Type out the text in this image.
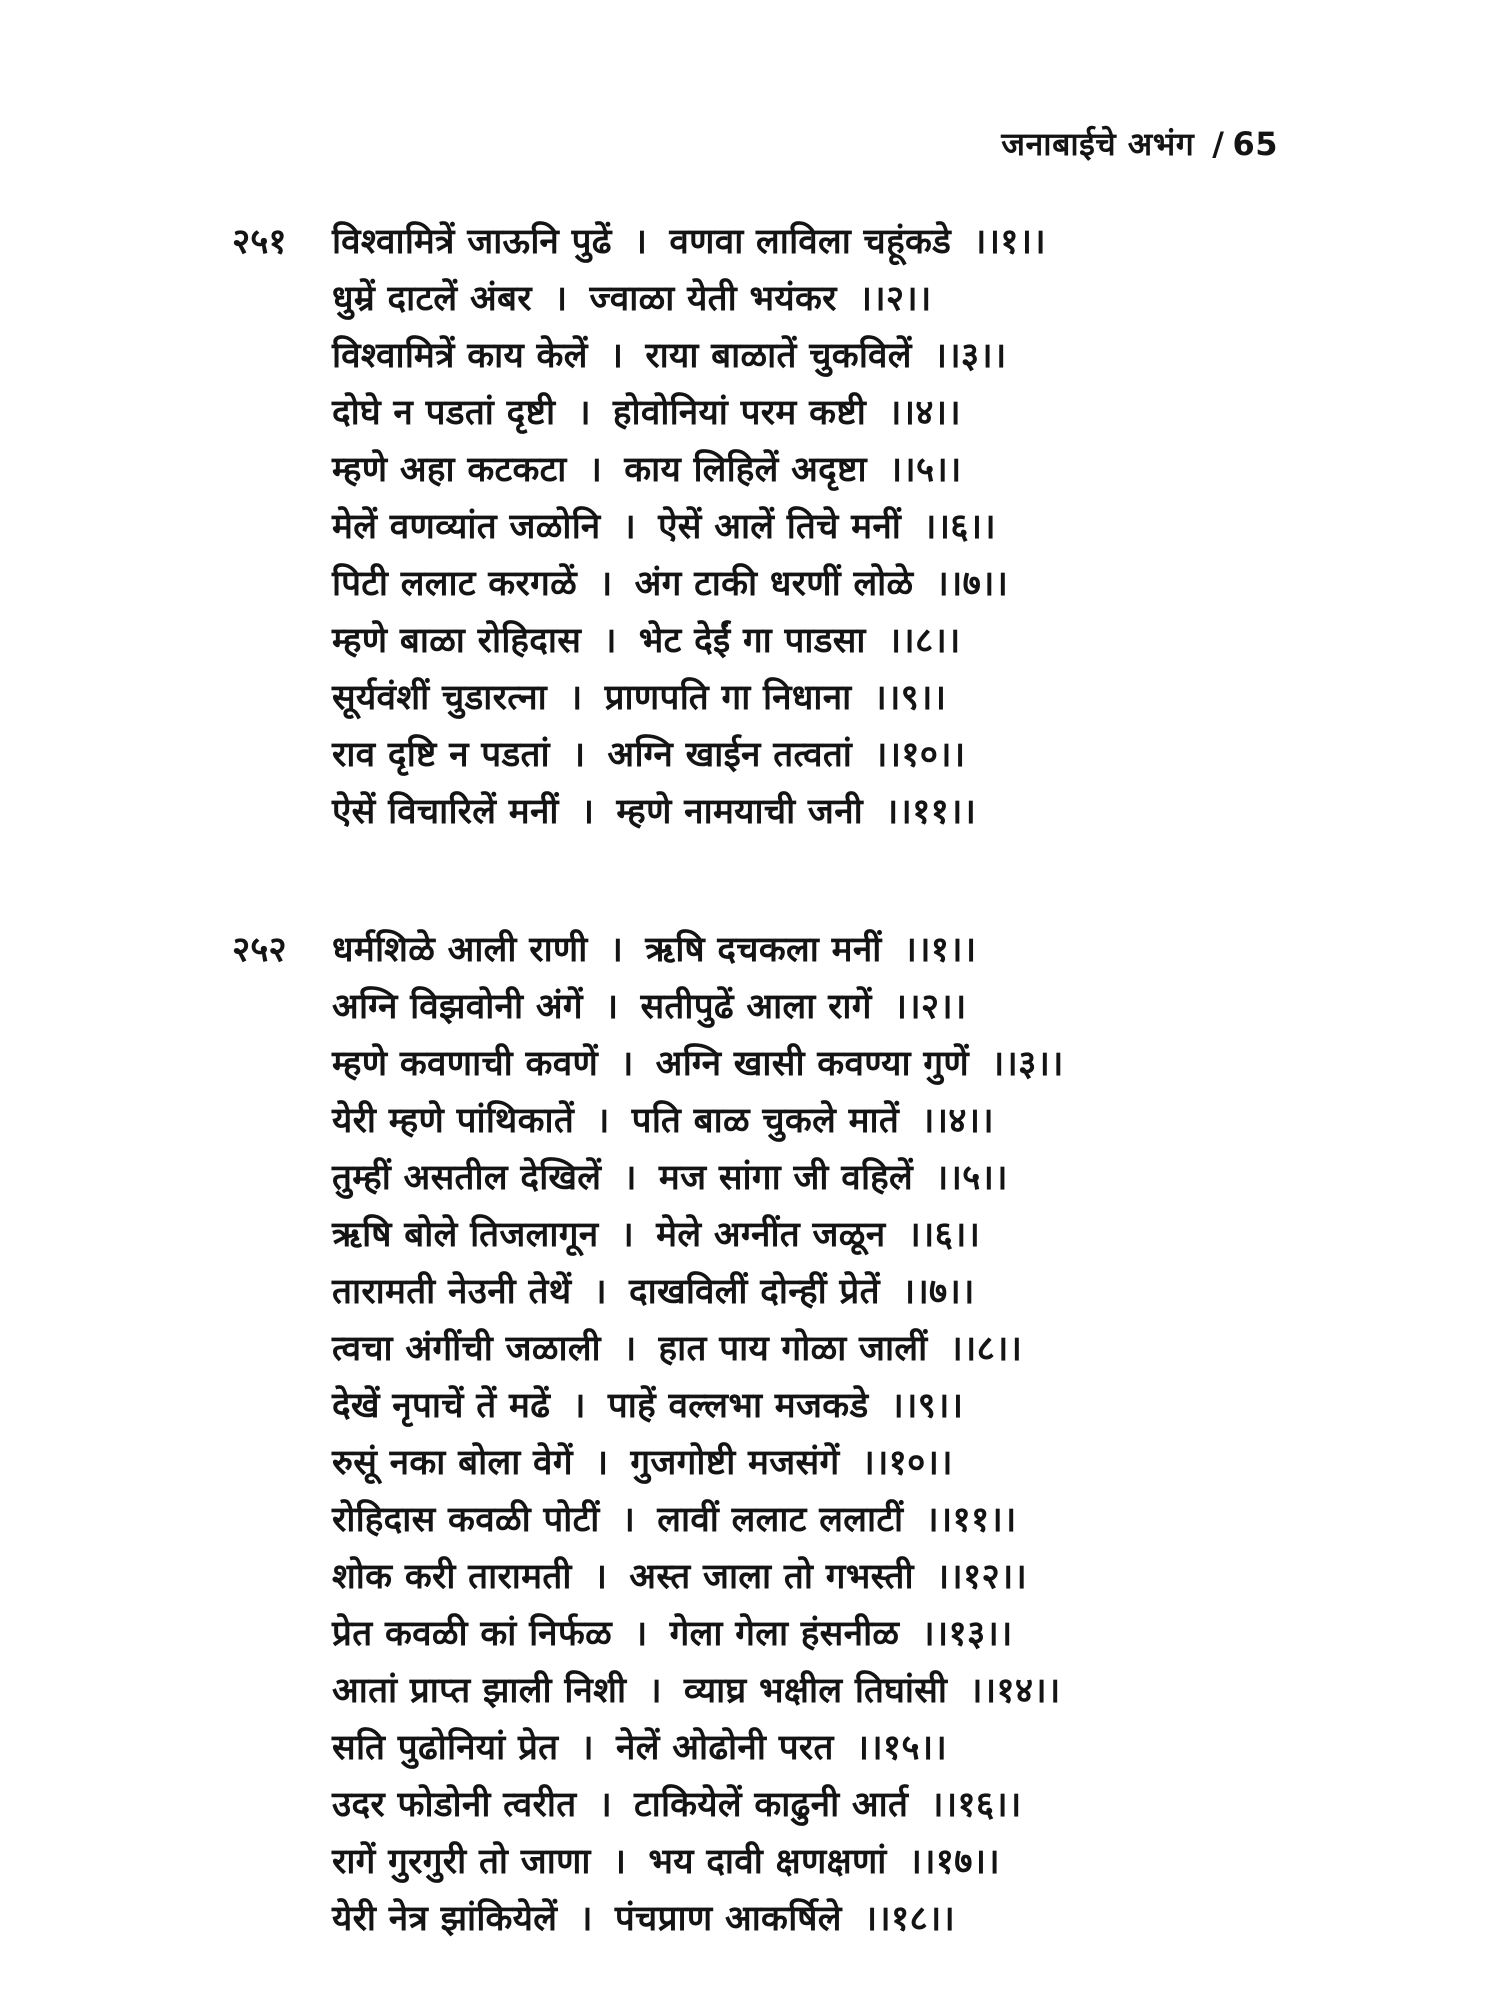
जनाबाईचे अभंग / 65
२५१ विश्वामित्रें जाऊनि पुढें । वणवा लाविला चहूंकडे ।।१।।
धुम्रें दाटलें अंबर । ज्वाळा येती भयंकर ।।२।।
विश्वामित्रें काय केलें । राया बाळातें चुकविलें ।।३।।
दोघे न पडतां दृष्टी । होवोनियां परम कष्टी ।।४।।
म्हणे अहा कटकटा । काय लिहिलें अदृष्टा ।।५।।
मेलें वणव्यांत जळोनि । ऐसें आलें तिचे मनीं ।।६।।
पिटी ललाट करगळें । अंग टाकी धरणीं लोळे ।।७।।
म्हणे बाळा रोहिदास । भेट देईं गा पाडसा ।।८।।
सूर्यवंशीं चुडारत्ना । प्राणपति गा निधाना ।।९।।
राव दृष्टि न पडतां । अग्नि खाईन तत्वतां ।।१०।।
ऐसें विचारिलें मनीं । म्हणे नामयाची जनी ।।११।।
२५२ धर्मशिळे आली राणी । ऋषि दचकला मनीं ।।१।।
अग्नि विझवोनी अंगें । सतीपुढें आला रागें ।।२।।
म्हणे कवणाची कवणें । अग्नि खासी कवण्या गुणें ।।३।।
येरी म्हणे पांथिकातें । पति बाळ चुकले मातें ।।४।।
तुम्हीं असतील देखिलें । मज सांगा जी वहिलें ।।५।।
ऋषि बोले तिजलागून । मेले अग्नींत जळून ।।६।।
तारामती नेउनी तेथें । दाखविलीं दोन्हीं प्रेतें ।।७।।
त्वचा अंगींची जळाली । हात पाय गोळा जालीं ।।८।।
देखें नृपाचें तें मढें । पाहें वल्लभा मजकडे ।।९।।
रुसूं नका बोला वेगें । गुजगोष्टी मजसंगें ।।१०।।
रोहिदास कवळी पोटीं । लावीं ललाट ललाटीं ।।११।।
शोक करी तारामती । अस्त जाला तो गभस्ती ।।१२।।
प्रेत कवळी कां निर्फळ । गेला गेला हंसनीळ ।।१३।।
आतां प्राप्त झाली निशी । व्याघ्र भक्षील तिघांसी ।।१४।।
सति पुढोनियां प्रेत । नेलें ओढोनी परत ।।१५।।
उदर फोडोनी त्वरीत । टाकियेलें काढुनी आर्त ।।१६।।
रागें गुरगुरी तो जाणा । भय दावी क्षणक्षणां ।।१७।।
येरी नेत्र झांकियेलें । पंचप्राण आकर्षिले ।।१८।।
